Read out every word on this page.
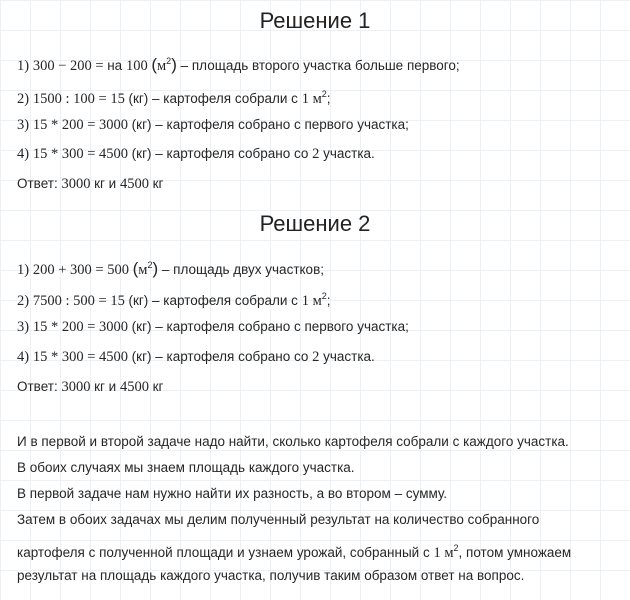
Решение 1
1) 300 − 200 = на 100 $(м^2)$ – площадь второго участка больше первого;
2) 1500 : 100 = 15 (кг) – картофеля собрали с 1 $м^2$;
3) 15 * 200 = 3000 (кг) – картофеля собрано с первого участка;
4) 15 * 300 = 4500 (кг) – картофеля собрано со 2 участка.
Ответ: 3000 кг и 4500 кг
Решение 2
1) 200 + 300 = 500 $(м^2)$ – площадь двух участков;
2) 7500 : 500 = 15 (кг) – картофеля собрали с 1 $м^2$;
3) 15 * 200 = 3000 (кг) – картофеля собрано с первого участка;
4) 15 * 300 = 4500 (кг) – картофеля собрано со 2 участка.
Ответ: 3000 кг и 4500 кг
И в первой и второй задаче надо найти, сколько картофеля собрали с каждого участка.
В обоих случаях мы знаем площадь каждого участка.
В первой задаче нам нужно найти их разность, а во втором – сумму.
Затем в обоих задачах мы делим полученный результат на количество собранного
картофеля с полученной площади и узнаем урожай, собранный с 1 $м^2$, потом умножаем
результат на площадь каждого участка, получив таким образом ответ на вопрос.
